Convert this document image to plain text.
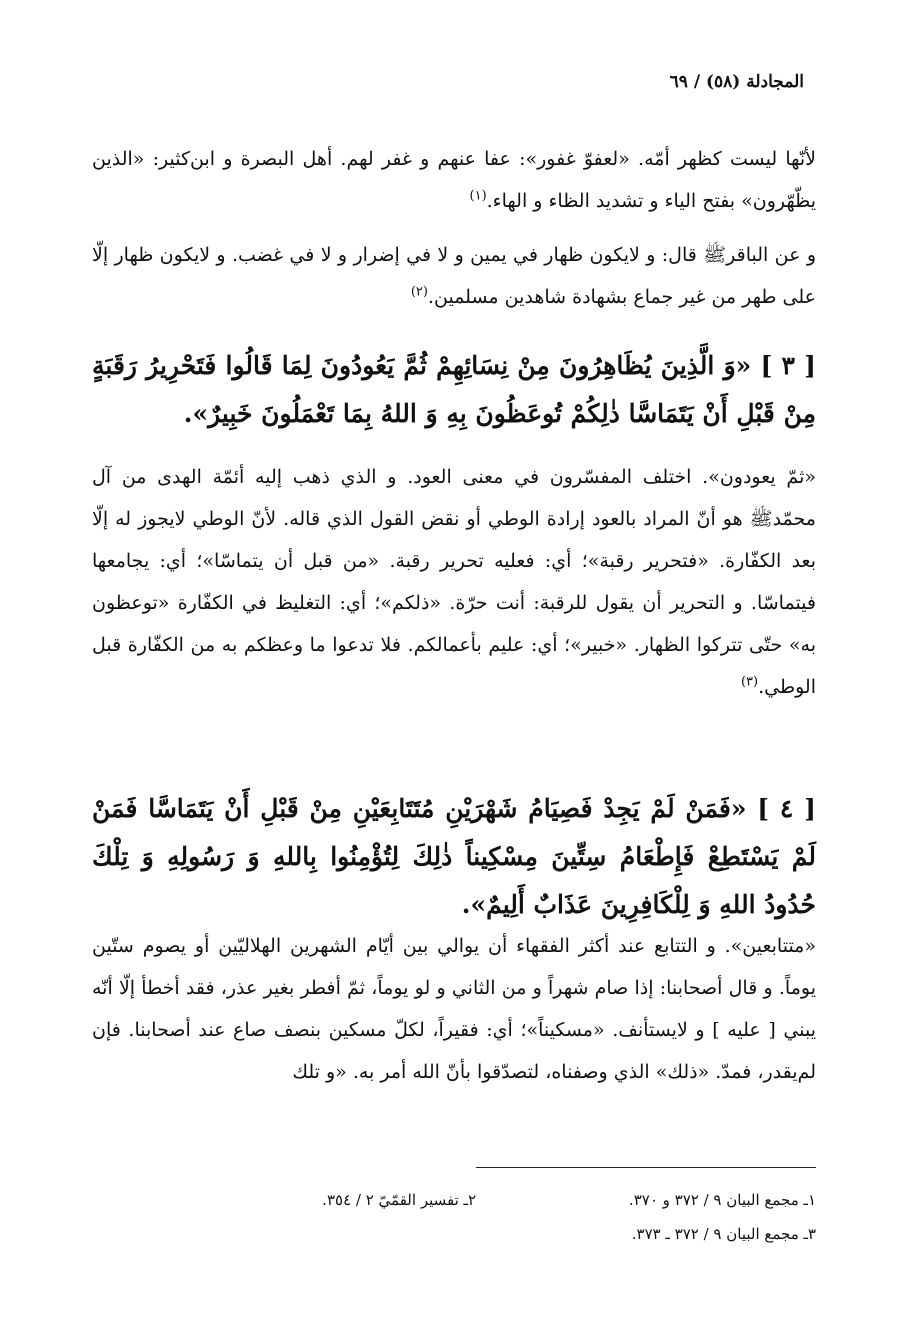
المجادلة (٥٨) / ٦٩

لأنّها ليست كظهر أمّه. «لعفوّ غفور»: عفا عنهم و غفر لهم. أهل البصرة و ابن‌كثير: «الذين يظّهّرون» بفتح الياء و تشديد الظاء و الهاء.$^{(١)}$

و عن الباقرﷺ قال: و لايكون ظهار في يمين و لا في إضرار و لا في غضب. و لايكون ظهار إلّا على طهر من غير جماع بشهادة شاهدين مسلمين.$^{(٢)}$

[ ٣ ] «وَ الَّذِينَ يُظَاهِرُونَ مِنْ نِسَائِهِمْ ثُمَّ يَعُودُونَ لِمَا قَالُوا فَتَحْرِيرُ رَقَبَةٍ مِنْ قَبْلِ أَنْ يَتَمَاسَّا ذٰلِكُمْ تُوعَظُونَ بِهِ وَ اللهُ بِمَا تَعْمَلُونَ خَبِيرٌ».

«ثمّ يعودون». اختلف المفسّرون في معنى العود. و الذي ذهب إليه أئمّة الهدى من آل محمّدﷺ هو أنّ المراد بالعود إرادة الوطي أو نقض القول الذي قاله. لأنّ الوطي لايجوز له إلّا بعد الكفّارة. «فتحرير رقبة»؛ أي: فعليه تحرير رقبة. «من قبل أن يتماسّا»؛ أي: يجامعها فيتماسّا. و التحرير أن يقول للرقبة: أنت حرّة. «ذلكم»؛ أي: التغليظ في الكفّارة «توعظون به» حتّى تتركوا الظهار. «خبير»؛ أي: عليم بأعمالكم. فلا تدعوا ما وعظكم به من الكفّارة قبل الوطي.$^{(٣)}$

[ ٤ ] «فَمَنْ لَمْ يَجِدْ فَصِيَامُ شَهْرَيْنِ مُتَتَابِعَيْنِ مِنْ قَبْلِ أَنْ يَتَمَاسَّا فَمَنْ لَمْ يَسْتَطِعْ فَإِطْعَامُ سِتِّينَ مِسْكِيناً ذٰلِكَ لِتُؤْمِنُوا بِاللهِ وَ رَسُولِهِ وَ تِلْكَ حُدُودُ اللهِ وَ لِلْكَافِرِينَ عَذَابٌ أَلِيمٌ».

«متتابعين». و التتابع عند أكثر الفقهاء أن يوالي بين أيّام الشهرين الهلاليّين أو يصوم ستّين يوماً. و قال أصحابنا: إذا صام شهراً و من الثاني و لو يوماً، ثمّ أفطر بغير عذر، فقد أخطأ إلّا أنّه يبني [ عليه ] و لايستأنف. «مسكيناً»؛ أي: فقيراً، لكلّ مسكين بنصف صاع عند أصحابنا. فإن لم‌يقدر، فمدّ. «ذلك» الذي وصفناه، لتصدّقوا بأنّ الله أمر به. «و تلك

١ـ مجمع البيان ٩ / ٣٧٢ و ٣٧٠.
٢ـ تفسير القمّيّ ٢ / ٣٥٤.
٣ـ مجمع البيان ٩ / ٣٧٢ ـ ٣٧٣.
